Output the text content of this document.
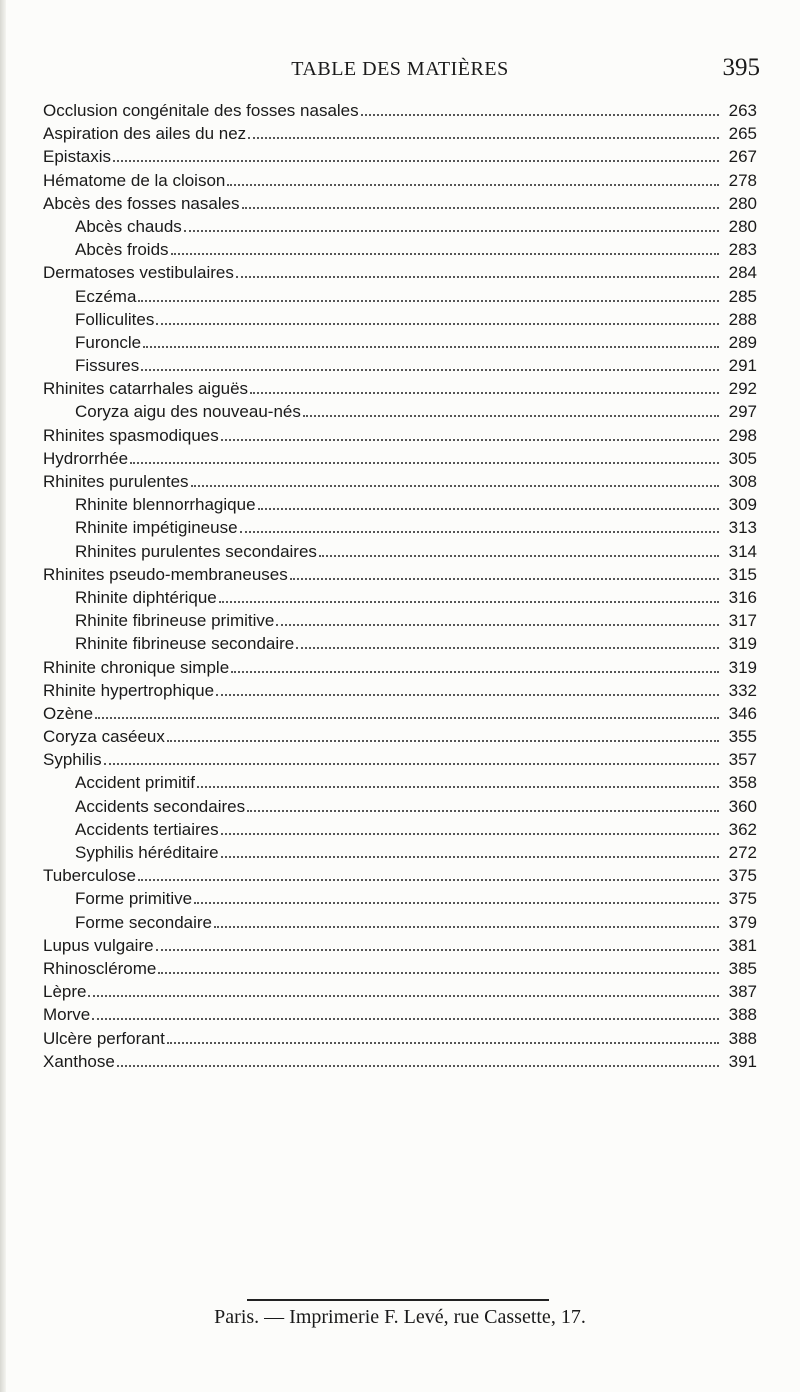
TABLE DES MATIÈRES	395
Occlusion congénitale des fosses nasales	263
Aspiration des ailes du nez	265
Epistaxis	267
Hématome de la cloison	278
Abcès des fosses nasales	280
Abcès chauds	280
Abcès froids	283
Dermatoses vestibulaires	284
Eczéma	285
Folliculites	288
Furoncle	289
Fissures	291
Rhinites catarrhales aiguës	292
Coryza aigu des nouveau-nés	297
Rhinites spasmodiques	298
Hydrorrhée	305
Rhinites purulentes	308
Rhinite blennorrhagique	309
Rhinite impétigineuse	313
Rhinites purulentes secondaires	314
Rhinites pseudo-membraneuses	315
Rhinite diphtérique	316
Rhinite fibrineuse primitive	317
Rhinite fibrineuse secondaire	319
Rhinite chronique simple	319
Rhinite hypertrophique	332
Ozène	346
Coryza caséeux	355
Syphilis	357
Accident primitif	358
Accidents secondaires	360
Accidents tertiaires	362
Syphilis héréditaire	272
Tuberculose	375
Forme primitive	375
Forme secondaire	379
Lupus vulgaire	381
Rhinosclérome	385
Lèpre	387
Morve	388
Ulcère perforant	388
Xanthose	391
Paris. — Imprimerie F. Levé, rue Cassette, 17.
